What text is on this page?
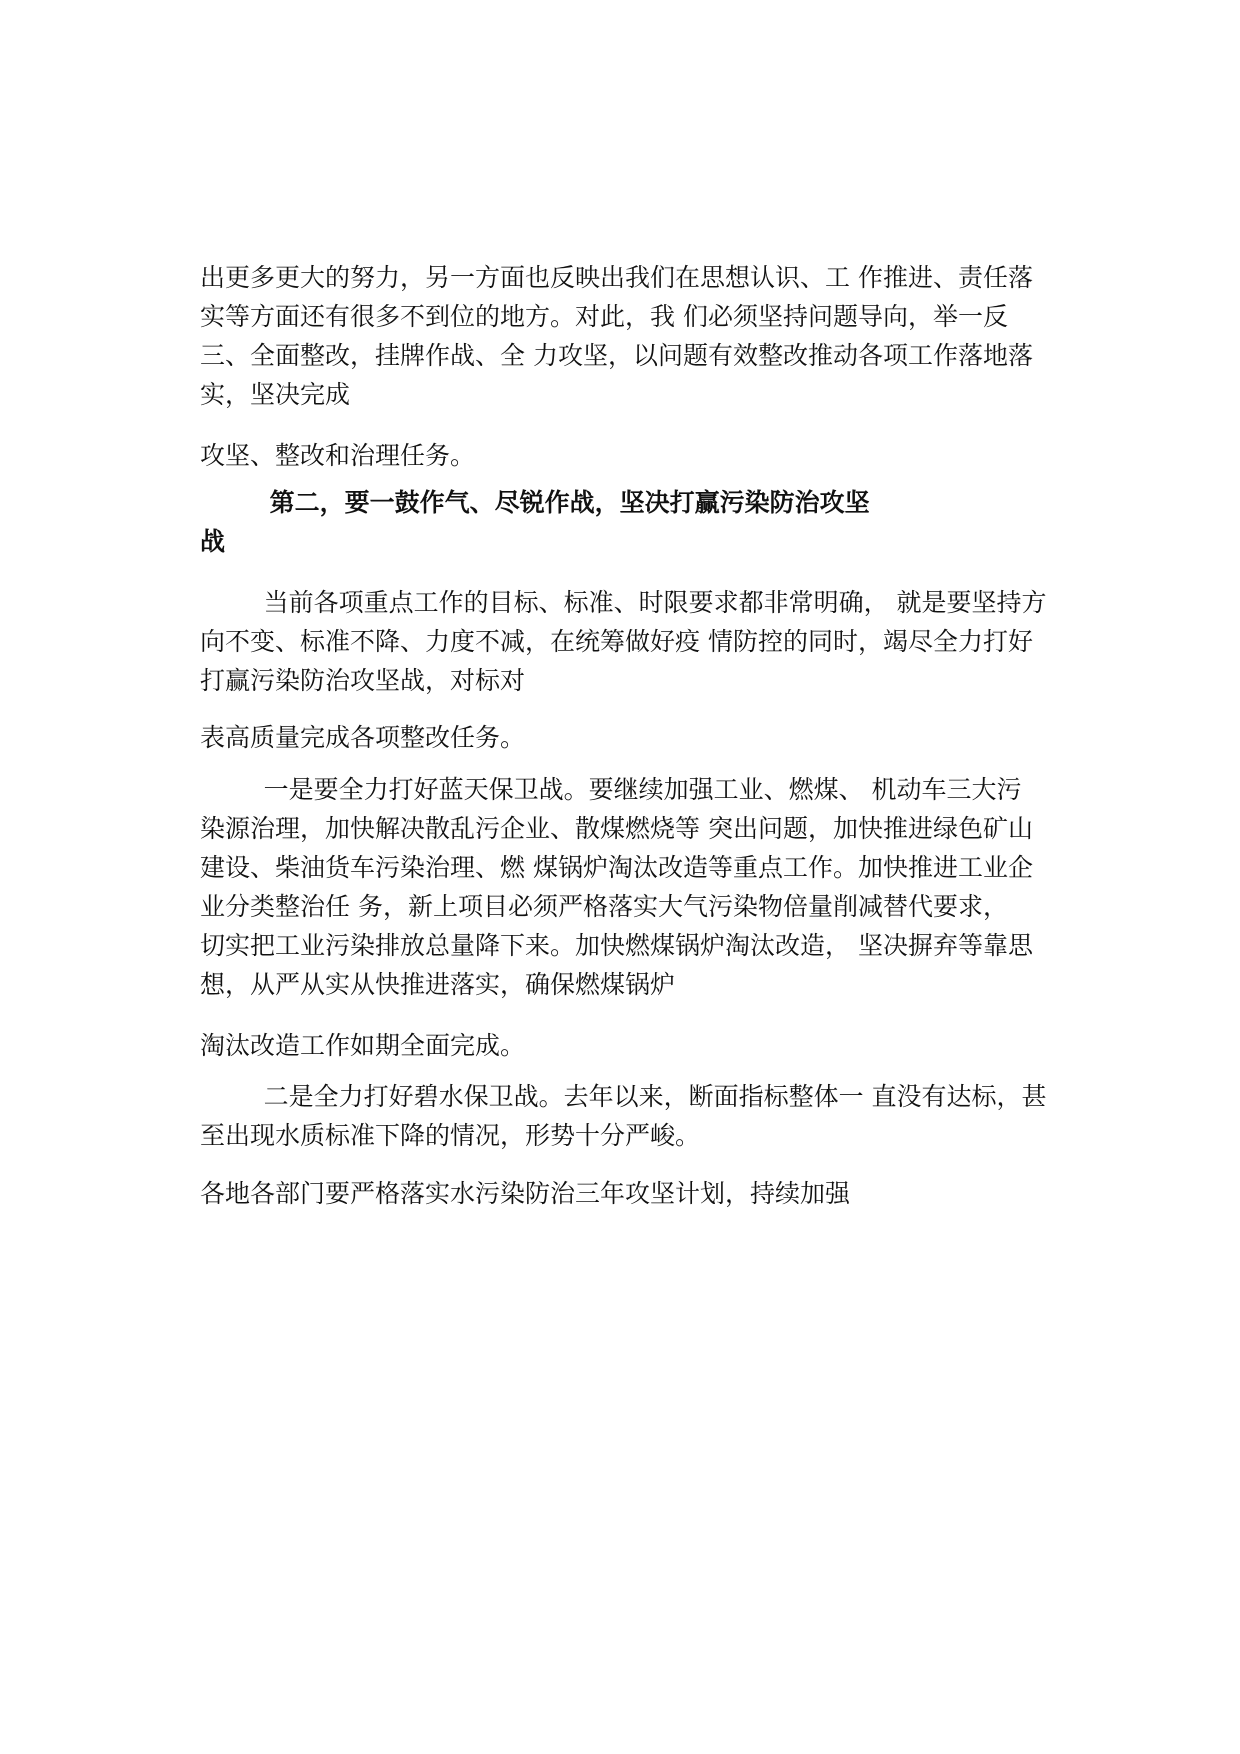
出更多更大的努力，另一方面也反映出我们在思想认识、工 作推进、责任落
实等方面还有很多不到位的地方。对此，我 们必须坚持问题导向，举一反
三、全面整改，挂牌作战、全 力攻坚，以问题有效整改推动各项工作落地落
实，坚决完成

攻坚、整改和治理任务。

第二，要一鼓作气、尽锐作战，坚决打赢污染防治攻坚
战

当前各项重点工作的目标、标准、时限要求都非常明确， 就是要坚持方
向不变、标准不降、力度不减，在统筹做好疫 情防控的同时，竭尽全力打好
打赢污染防治攻坚战，对标对

表高质量完成各项整改任务。

一是要全力打好蓝天保卫战。要继续加强工业、燃煤、 机动车三大污
染源治理，加快解决散乱污企业、散煤燃烧等 突出问题，加快推进绿色矿山
建设、柴油货车污染治理、燃 煤锅炉淘汰改造等重点工作。加快推进工业企
业分类整治任 务，新上项目必须严格落实大气污染物倍量削减替代要求，
切实把工业污染排放总量降下来。加快燃煤锅炉淘汰改造， 坚决摒弃等靠思
想，从严从实从快推进落实，确保燃煤锅炉

淘汰改造工作如期全面完成。

二是全力打好碧水保卫战。去年以来，断面指标整体一 直没有达标，甚
至出现水质标准下降的情况，形势十分严峻。

各地各部门要严格落实水污染防治三年攻坚计划，持续加强
